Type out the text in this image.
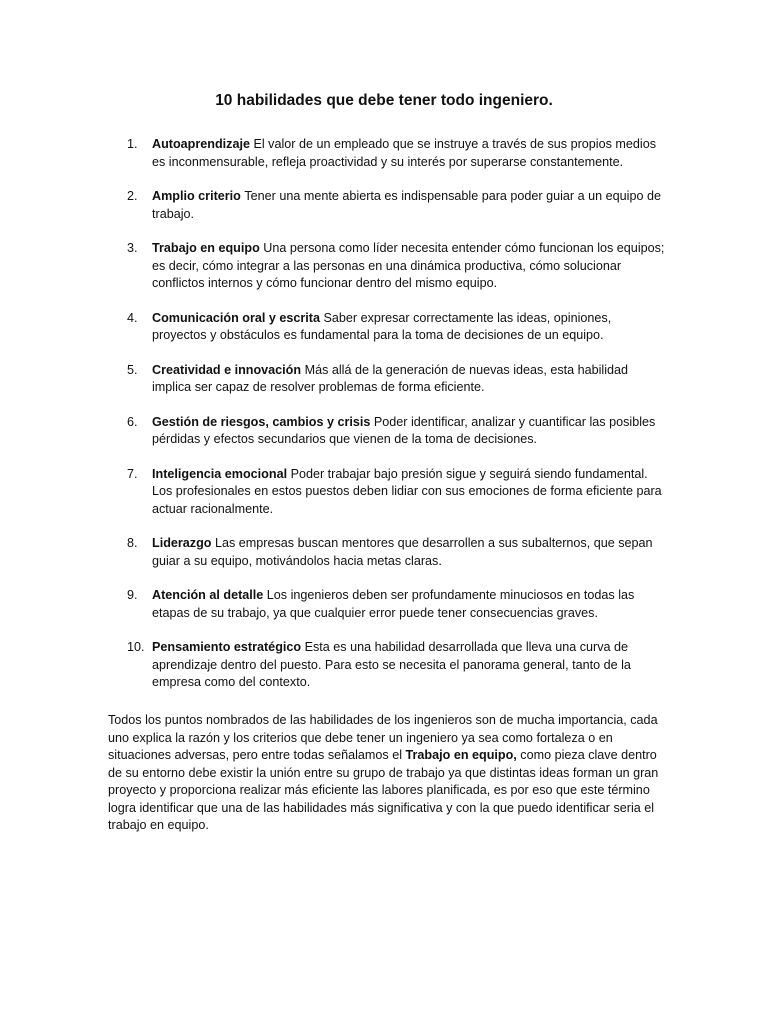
10 habilidades que debe tener todo ingeniero.
1.	Autoaprendizaje El valor de un empleado que se instruye a través de sus propios medios es inconmensurable, refleja proactividad y su interés por superarse constantemente.
2.	Amplio criterio Tener una mente abierta es indispensable para poder guiar a un equipo de trabajo.
3.	Trabajo en equipo Una persona como líder necesita entender cómo funcionan los equipos; es decir, cómo integrar a las personas en una dinámica productiva, cómo solucionar conflictos internos y cómo funcionar dentro del mismo equipo.
4.	Comunicación oral y escrita Saber expresar correctamente las ideas, opiniones, proyectos y obstáculos es fundamental para la toma de decisiones de un equipo.
5.	Creatividad e innovación Más allá de la generación de nuevas ideas, esta habilidad implica ser capaz de resolver problemas de forma eficiente.
6.	Gestión de riesgos, cambios y crisis Poder identificar, analizar y cuantificar las posibles pérdidas y efectos secundarios que vienen de la toma de decisiones.
7.	Inteligencia emocional Poder trabajar bajo presión sigue y seguirá siendo fundamental. Los profesionales en estos puestos deben lidiar con sus emociones de forma eficiente para actuar racionalmente.
8.	Liderazgo Las empresas buscan mentores que desarrollen a sus subalternos, que sepan guiar a su equipo, motivándolos hacia metas claras.
9.	Atención al detalle Los ingenieros deben ser profundamente minuciosos en todas las etapas de su trabajo, ya que cualquier error puede tener consecuencias graves.
10. Pensamiento estratégico Esta es una habilidad desarrollada que lleva una curva de aprendizaje dentro del puesto. Para esto se necesita el panorama general, tanto de la empresa como del contexto.

Todos los puntos nombrados de las habilidades de los ingenieros son de mucha importancia, cada uno explica la razón y los criterios que debe tener un ingeniero ya sea como fortaleza o en situaciones adversas, pero entre todas señalamos el Trabajo en equipo, como pieza clave dentro de su entorno debe existir la unión entre su grupo de trabajo ya que distintas ideas forman un gran proyecto y proporciona realizar más eficiente las labores planificada, es por eso que este término logra identificar que una de las habilidades más significativa y con la que puedo identificar seria el trabajo en equipo.
